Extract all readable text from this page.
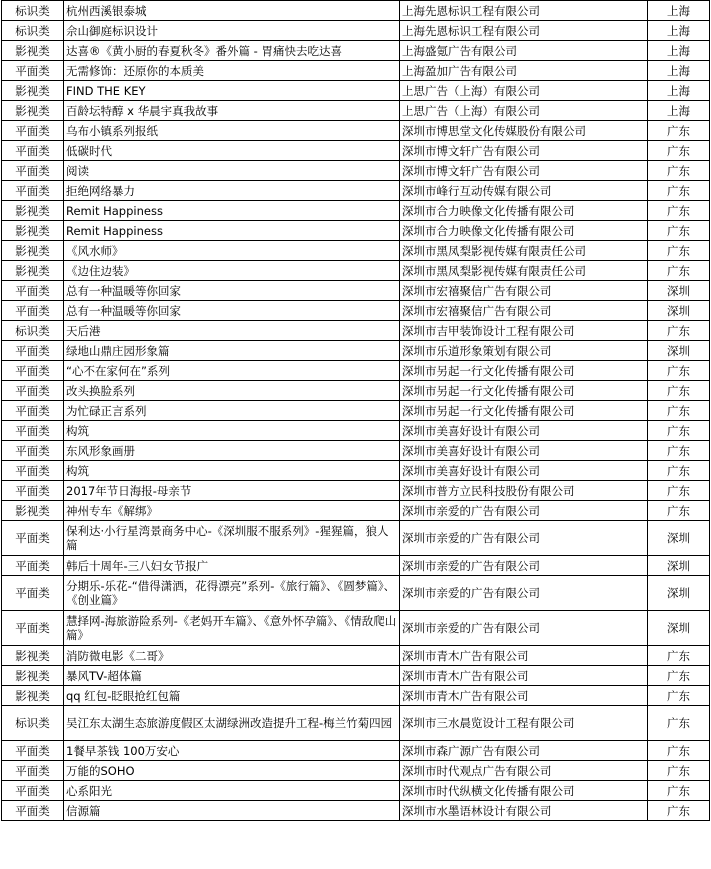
标识类	杭州西溪银泰城	上海先恩标识工程有限公司	上海
标识类	佘山御庭标识设计	上海先恩标识工程有限公司	上海
影视类	达喜®《黄小厨的春夏秋冬》番外篇 - 胃痛快去吃达喜	上海盛氪广告有限公司	上海
平面类	无需修饰：还原你的本质美	上海盈加广告有限公司	上海
影视类	FIND THE KEY	上思广告（上海）有限公司	上海
影视类	百龄坛特醇 x 华晨宇真我故事	上思广告（上海）有限公司	上海
平面类	乌布小镇系列报纸	深圳市博思堂文化传媒股份有限公司	广东
平面类	低碳时代	深圳市博文轩广告有限公司	广东
平面类	阅读	深圳市博文轩广告有限公司	广东
平面类	拒绝网络暴力	深圳市峰行互动传媒有限公司	广东
影视类	Remit Happiness	深圳市合力映像文化传播有限公司	广东
影视类	Remit Happiness	深圳市合力映像文化传播有限公司	广东
影视类	《风水师》	深圳市黑凤梨影视传媒有限责任公司	广东
影视类	《边住边装》	深圳市黑凤梨影视传媒有限责任公司	广东
平面类	总有一种温暖等你回家	深圳市宏禧聚信广告有限公司	深圳
平面类	总有一种温暖等你回家	深圳市宏禧聚信广告有限公司	深圳
标识类	天后港	深圳市吉甲装饰设计工程有限公司	广东
平面类	绿地山鼎庄园形象篇	深圳市乐道形象策划有限公司	深圳
平面类	“心不在家何在”系列	深圳市另起一行文化传播有限公司	广东
平面类	改头换脸系列	深圳市另起一行文化传播有限公司	广东
平面类	为忙碌正言系列	深圳市另起一行文化传播有限公司	广东
平面类	构筑	深圳市美喜好设计有限公司	广东
平面类	东风形象画册	深圳市美喜好设计有限公司	广东
平面类	构筑	深圳市美喜好设计有限公司	广东
平面类	2017年节日海报-母亲节	深圳市普方立民科技股份有限公司	广东
影视类	神州专车《解绑》	深圳市亲爱的广告有限公司	广东
平面类	保利达·小行星湾景商务中心-《深圳服不服系列》-猩猩篇，狼人篇	深圳市亲爱的广告有限公司	深圳
平面类	韩后十周年-三八妇女节报广	深圳市亲爱的广告有限公司	深圳
平面类	分期乐-乐花-“借得潇洒，花得漂亮”系列-《旅行篇》、《圆梦篇》、《创业篇》	深圳市亲爱的广告有限公司	深圳
平面类	慧择网-海旅游险系列-《老妈开车篇》、《意外怀孕篇》、《情敌爬山篇》	深圳市亲爱的广告有限公司	深圳
影视类	消防微电影《二哥》	深圳市青木广告有限公司	广东
影视类	暴风TV-超体篇	深圳市青木广告有限公司	广东
影视类	qq 红包-眨眼抢红包篇	深圳市青木广告有限公司	广东
标识类	吴江东太湖生态旅游度假区太湖绿洲改造提升工程-梅兰竹菊四园	深圳市三水晨览设计工程有限公司	广东
平面类	1餐早茶钱 100万安心	深圳市森广源广告有限公司	广东
平面类	万能的SOHO	深圳市时代观点广告有限公司	广东
平面类	心系阳光	深圳市时代纵横文化传播有限公司	广东
平面类	信源篇	深圳市水墨语林设计有限公司	广东
